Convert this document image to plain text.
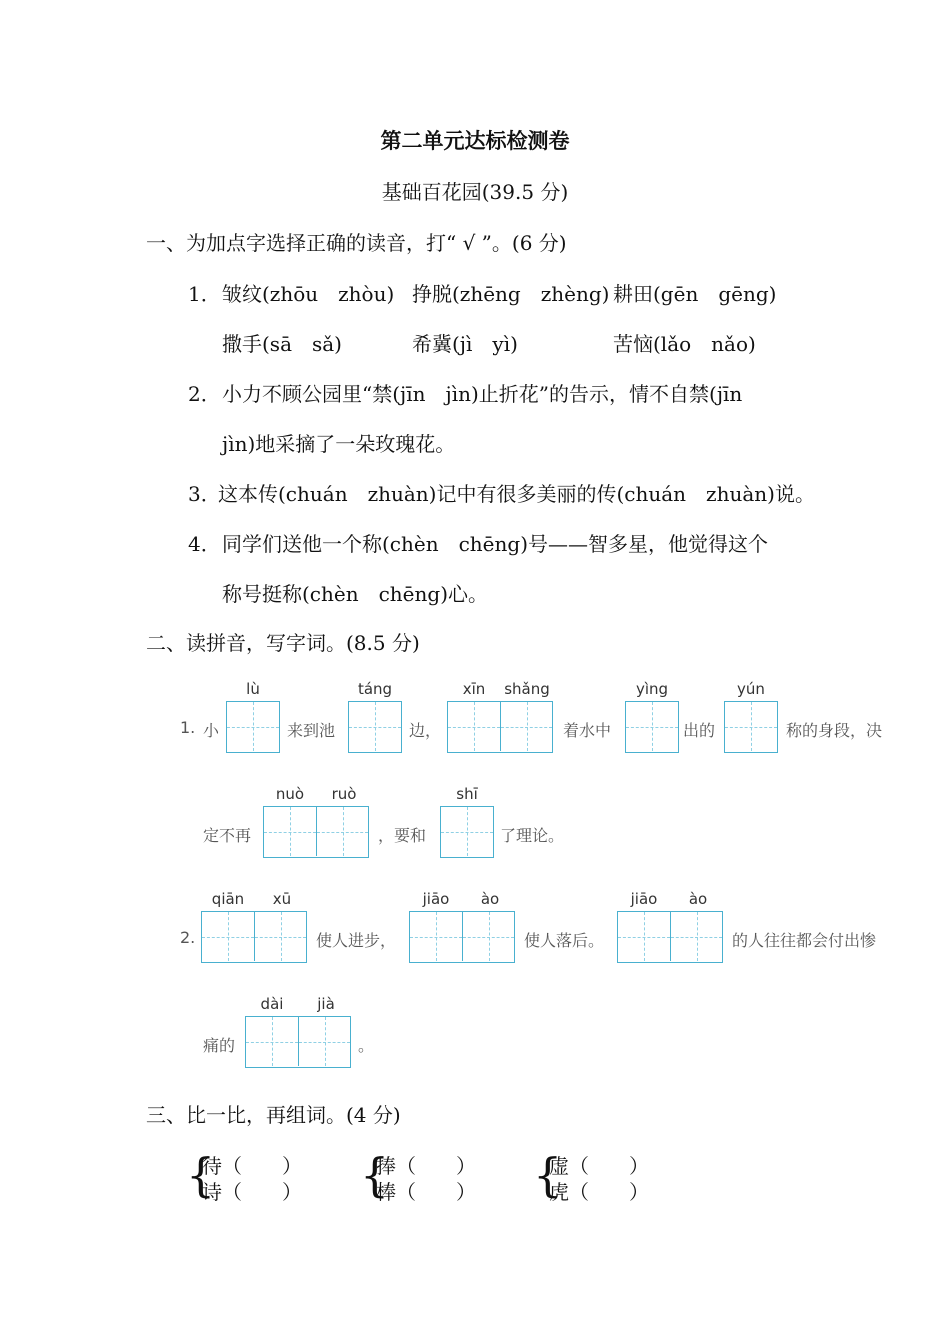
第二单元达标检测卷
基础百花园(39.5 分)
一、为加点字选择正确的读音，打“ √ ”。(6 分)
1． 皱纹(zhōu　zhòu) 挣脱(zhēng　zhèng) 耕田(gēn　gēng)
撒手(sā　sǎ)	希冀(jì　yì)	苦恼(lǎo　nǎo)
2． 小力不顾公园里“禁(jīn　jìn)止折花”的告示，情不自禁(jīn
jìn)地采摘了一朵玫瑰花。
3．
这本传(chuán　zhuàn)记中有很多美丽的传(chuán　zhuàn)说。
4． 同学们送他一个称(chèn　chēng)号——智多星，他觉得这个
称号挺称(chèn　chēng)心。
二、读拼音，写字词。(8.5 分)
1. 小
lù
来到池
táng
边，
xīn	shǎng
着水中
yìng
出的
yún
称的身段，决
定不再
nuò	ruò
，要和
shī
了理论。
2.
qiān	xū
使人进步，
jiāo	ào
使人落后。
jiāo	ào
的人往往都会付出惨
痛的
dài	jià
。
三、比一比，再组词。(4 分)
{
待（　　）
诗（　　） {
捧（　　）
棒（　　） {
虚（　　）
虎（　　）
